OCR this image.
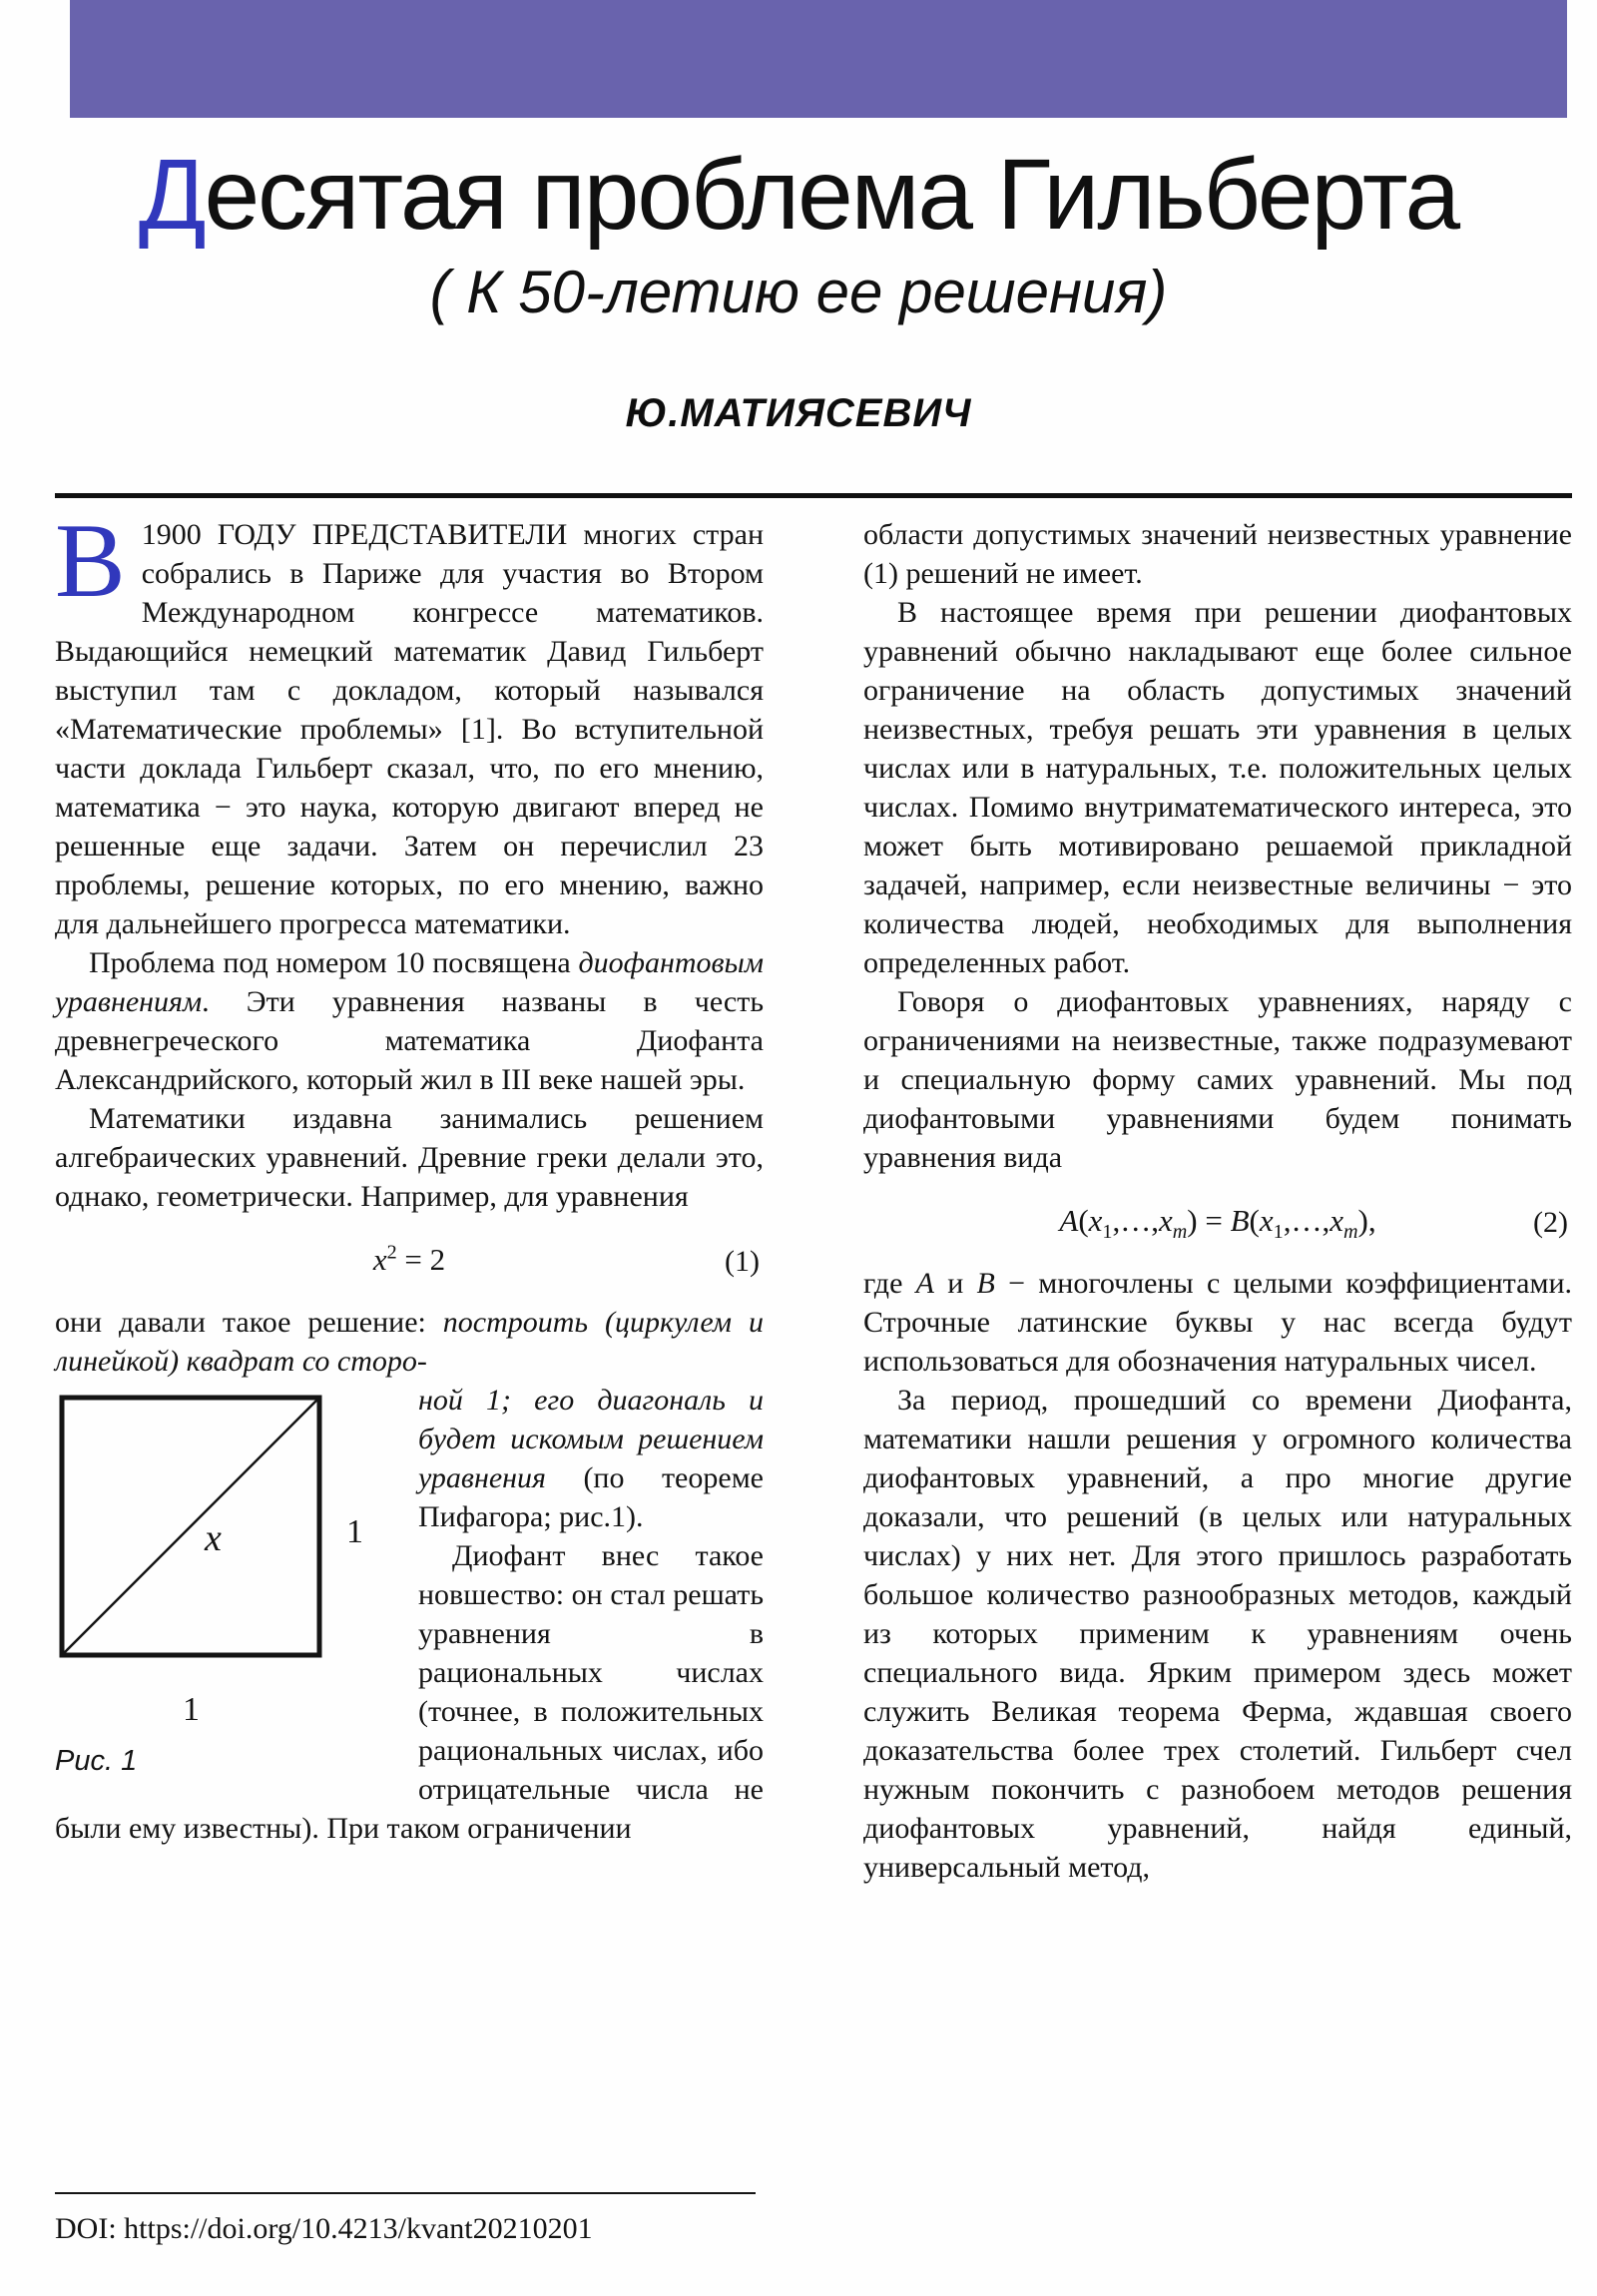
Десятая проблема Гильберта
( К 50-летию ее решения)
Ю.МАТИЯСЕВИЧ

В 1900 ГОДУ ПРЕДСТАВИТЕЛИ многих стран собрались в Париже для участия во Втором Международном конгрессе математиков. Выдающийся немецкий математик Давид Гильберт выступил там с докладом, который назывался «Математические проблемы» [1]. Во вступительной части доклада Гильберт сказал, что, по его мнению, математика − это наука, которую двигают вперед не решенные еще задачи. Затем он перечислил 23 проблемы, решение которых, по его мнению, важно для дальнейшего прогресса математики.

Проблема под номером 10 посвящена диофантовым уравнениям. Эти уравнения названы в честь древнегреческого математика Диофанта Александрийского, который жил в III веке нашей эры.

Математики издавна занимались решением алгебраических уравнений. Древние греки делали это, однако, геометрически. Например, для уравнения

$x^2 = 2$	(1)

они давали такое решение: построить (циркулем и линейкой) квадрат со сторо-

x	1
1
Рис. 1

ной 1; его диагональ и будет искомым решением уравнения (по теореме Пифагора; рис.1).

Диофант внес такое новшество: он стал решать уравнения в рациональных числах (точнее, в положительных рациональных числах, ибо отрицательные числа не были ему известны). При таком ограничении

области допустимых значений неизвестных уравнение (1) решений не имеет.

В настоящее время при решении диофантовых уравнений обычно накладывают еще более сильное ограничение на область допустимых значений неизвестных, требуя решать эти уравнения в целых числах или в натуральных, т.е. положительных целых числах. Помимо внутриматематического интереса, это может быть мотивировано решаемой прикладной задачей, например, если неизвестные величины − это количества людей, необходимых для выполнения определенных работ.

Говоря о диофантовых уравнениях, наряду с ограничениями на неизвестные, также подразумевают и специальную форму самих уравнений. Мы под диофантовыми уравнениями будем понимать уравнения вида

$A(x_1,\dots,x_m)$ = $B(x_1,\dots,x_m)$,	(2)

где A и B − многочлены с целыми коэффициентами. Строчные латинские буквы у нас всегда будут использоваться для обозначения натуральных чисел.

За период, прошедший со времени Диофанта, математики нашли решения у огромного количества диофантовых уравнений, а про многие другие доказали, что решений (в целых или натуральных числах) у них нет. Для этого пришлось разработать большое количество разнообразных методов, каждый из которых применим к уравнениям очень специального вида. Ярким примером здесь может служить Великая теорема Ферма, ждавшая своего доказательства более трех столетий. Гильберт счел нужным покончить с разнобоем методов решения диофантовых уравнений, найдя единый, универсальный метод,

DOI: https://doi.org/10.4213/kvant20210201
